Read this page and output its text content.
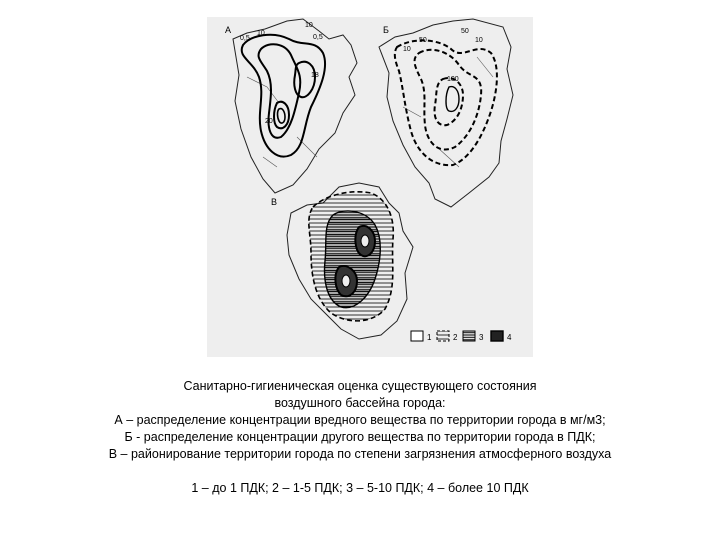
А
0,5
10
10
0,5
18
20
Б
10
50
50
10
100
В
1	2	3	4

Санитарно-гигиеническая оценка существующего состояния

воздушного бассейна города:

А – распределение концентрации вредного вещества по территории города в мг/м3;

Б - распределение концентрации другого вещества по территории города в ПДК;

В – районирование территории города по степени загрязнения атмосферного воздуха

1 – до 1 ПДК; 2 – 1-5 ПДК; 3 – 5-10 ПДК; 4 – более 10 ПДК
